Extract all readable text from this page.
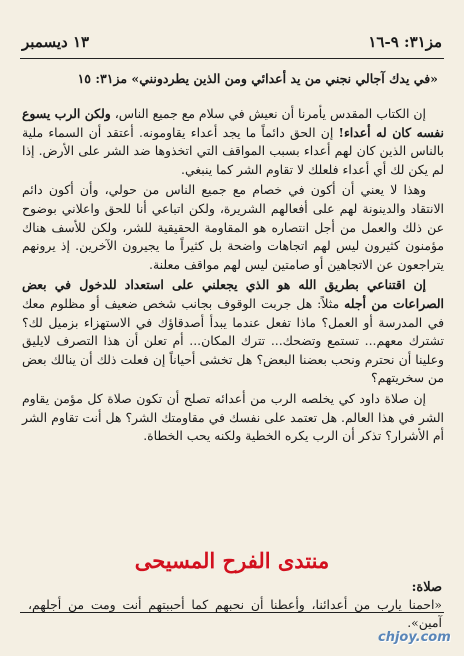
١٣ ديسمبر	مز٣١: ٩-١٦
«في يدك آجالي نجني من يد أعدائي ومن الذين يطردونني» مز٣١: ١٥

إن الكتاب المقدس يأمرنا أن نعيش في سلام مع جميع الناس، ولكن الرب يسوع نفسه كان له أعداء! إن الحق دائماً ما يجد أعداء يقاومونه. أعتقد أن السماء ملية بالناس الذين كان لهم أعداء بسبب المواقف التي اتخذوها ضد الشر على الأرض. إذا لم يكن لك أي أعداء فلعلك لا تقاوم الشر كما ينبغي.

وهذا لا يعني أن أكون في خصام مع جميع الناس من حولي، وأن أكون دائم الانتقاد والدينونة لهم على أفعالهم الشريرة، ولكن اتباعي أنا للحق واعلاني بوضوح عن ذلك والعمل من أجل انتصاره هو المقاومة الحقيقية للشر، ولكن للأسف هناك مؤمنون كثيرون ليس لهم اتجاهات واضحة بل كثيراً ما يجيرون الآخرين. إذ يرونهم يتراجعون عن الاتجاهين أو صامتين ليس لهم مواقف معلنة.

إن اقتناعي بطريق الله هو الذي يجعلني على استعداد للدخول في بعض الصراعات من أجله مثلاً: هل جربت الوقوف بجانب شخص ضعيف أو مظلوم معك في المدرسة أو العمل؟ ماذا تفعل عندما يبدأ أصدقاؤك في الاستهزاء بزميل لك؟ تشترك معهم... تستمع وتضحك... تترك المكان... أم تعلن أن هذا التصرف لايليق وعلينا أن نحترم ونحب بعضنا البعض؟ هل تخشى أحياناً إن فعلت ذلك أن ينالك بعض من سخريتهم؟

إن صلاة داود كي يخلصه الرب من أعدائه تصلح أن تكون صلاة كل مؤمن يقاوم الشر في هذا العالم. هل تعتمد على نفسك في مقاومتك الشر؟ هل أنت تقاوم الشر أم الأشرار؟ تذكر أن الرب يكره الخطية ولكنه يحب الخطاة.

منتدى الفرح المسيحى
صلاة:
«احمنا يارب من أعدائنا، وأعطنا أن نحبهم كما أحببتهم أنت ومت من أجلهم، آمين».
chjoy.com
